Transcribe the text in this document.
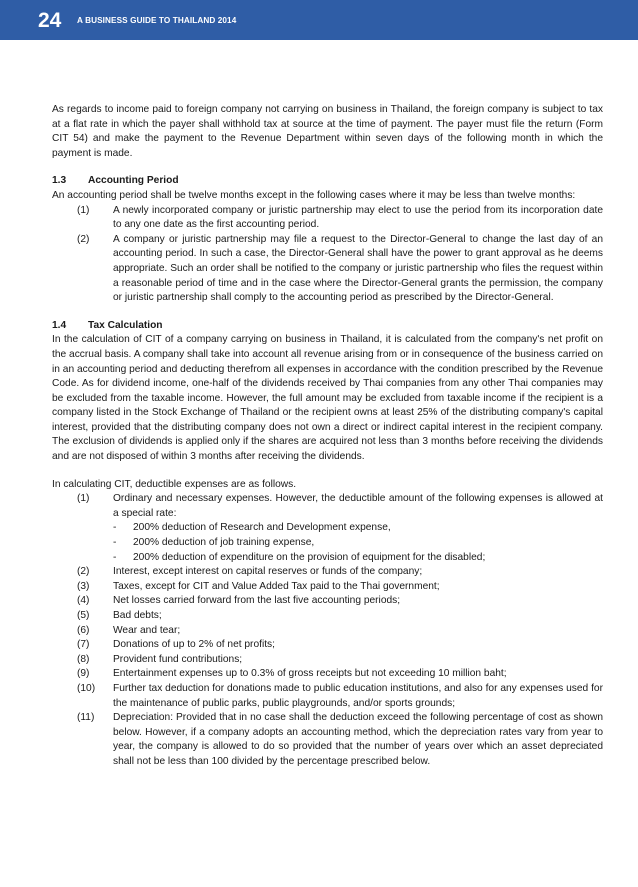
24 A BUSINESS GUIDE TO THAILAND 2014

As regards to income paid to foreign company not carrying on business in Thailand, the foreign company is subject to tax at a flat rate in which the payer shall withhold tax at source at the time of payment. The payer must file the return (Form CIT 54) and make the payment to the Revenue Department within seven days of the following month in which the payment is made.

1.3 Accounting Period

An accounting period shall be twelve months except in the following cases where it may be less than twelve months:

(1) A newly incorporated company or juristic partnership may elect to use the period from its incorporation date to any one date as the first accounting period.
(2) A company or juristic partnership may file a request to the Director-General to change the last day of an accounting period. In such a case, the Director-General shall have the power to grant approval as he deems appropriate. Such an order shall be notified to the company or juristic partnership who files the request within a reasonable period of time and in the case where the Director-General grants the permission, the company or juristic partnership shall comply to the accounting period as prescribed by the Director-General.
1.4 Tax Calculation

In the calculation of CIT of a company carrying on business in Thailand, it is calculated from the company's net profit on the accrual basis. A company shall take into account all revenue arising from or in consequence of the business carried on in an accounting period and deducting therefrom all expenses in accordance with the condition prescribed by the Revenue Code. As for dividend income, one-half of the dividends received by Thai companies from any other Thai companies may be excluded from the taxable income. However, the full amount may be excluded from taxable income if the recipient is a company listed in the Stock Exchange of Thailand or the recipient owns at least 25% of the distributing company's capital interest, provided that the distributing company does not own a direct or indirect capital interest in the recipient company. The exclusion of dividends is applied only if the shares are acquired not less than 3 months before receiving the dividends and are not disposed of within 3 months after receiving the dividends.

In calculating CIT, deductible expenses are as follows.

(1) Ordinary and necessary expenses. However, the deductible amount of the following expenses is allowed at a special rate:
- 200% deduction of Research and Development expense,
- 200% deduction of job training expense,
- 200% deduction of expenditure on the provision of equipment for the disabled;
(2) Interest, except interest on capital reserves or funds of the company;
(3) Taxes, except for CIT and Value Added Tax paid to the Thai government;
(4) Net losses carried forward from the last five accounting periods;
(5) Bad debts;
(6) Wear and tear;
(7) Donations of up to 2% of net profits;
(8) Provident fund contributions;
(9) Entertainment expenses up to 0.3% of gross receipts but not exceeding 10 million baht;
(10) Further tax deduction for donations made to public education institutions, and also for any expenses used for the maintenance of public parks, public playgrounds, and/or sports grounds;
(11) Depreciation: Provided that in no case shall the deduction exceed the following percentage of cost as shown below. However, if a company adopts an accounting method, which the depreciation rates vary from year to year, the company is allowed to do so provided that the number of years over which an asset depreciated shall not be less than 100 divided by the percentage prescribed below.
